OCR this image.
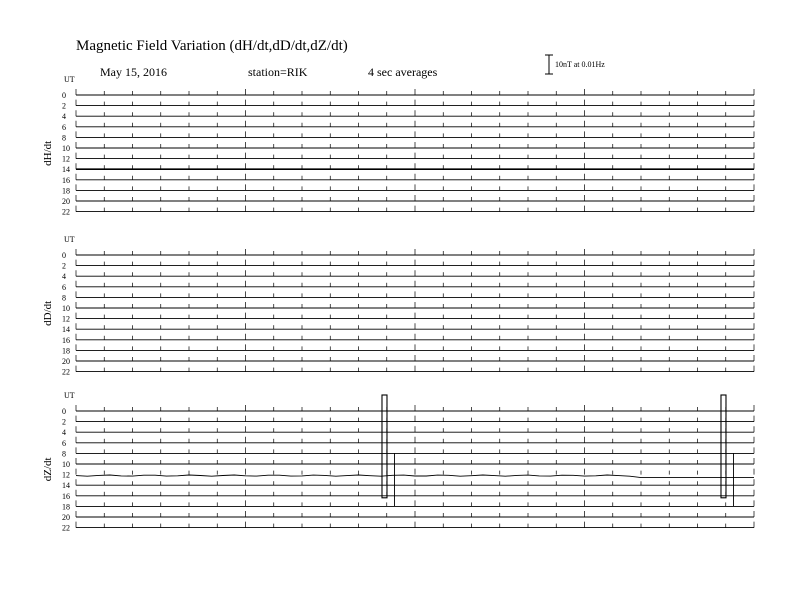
UT
dH/dt
0
2
4
6
8
10
12
14
16
18
20
22
UT
dD/dt
0
2
4
6
8
10
12
14
16
18
20
22
UT
dZ/dt
0
2
4
6
8
10
12
14
16
18
20
22
Magnetic Field Variation (dH/dt,dD/dt,dZ/dt)
May 15, 2016	station=RIK	4 sec averages
10nT at 0.01Hz
